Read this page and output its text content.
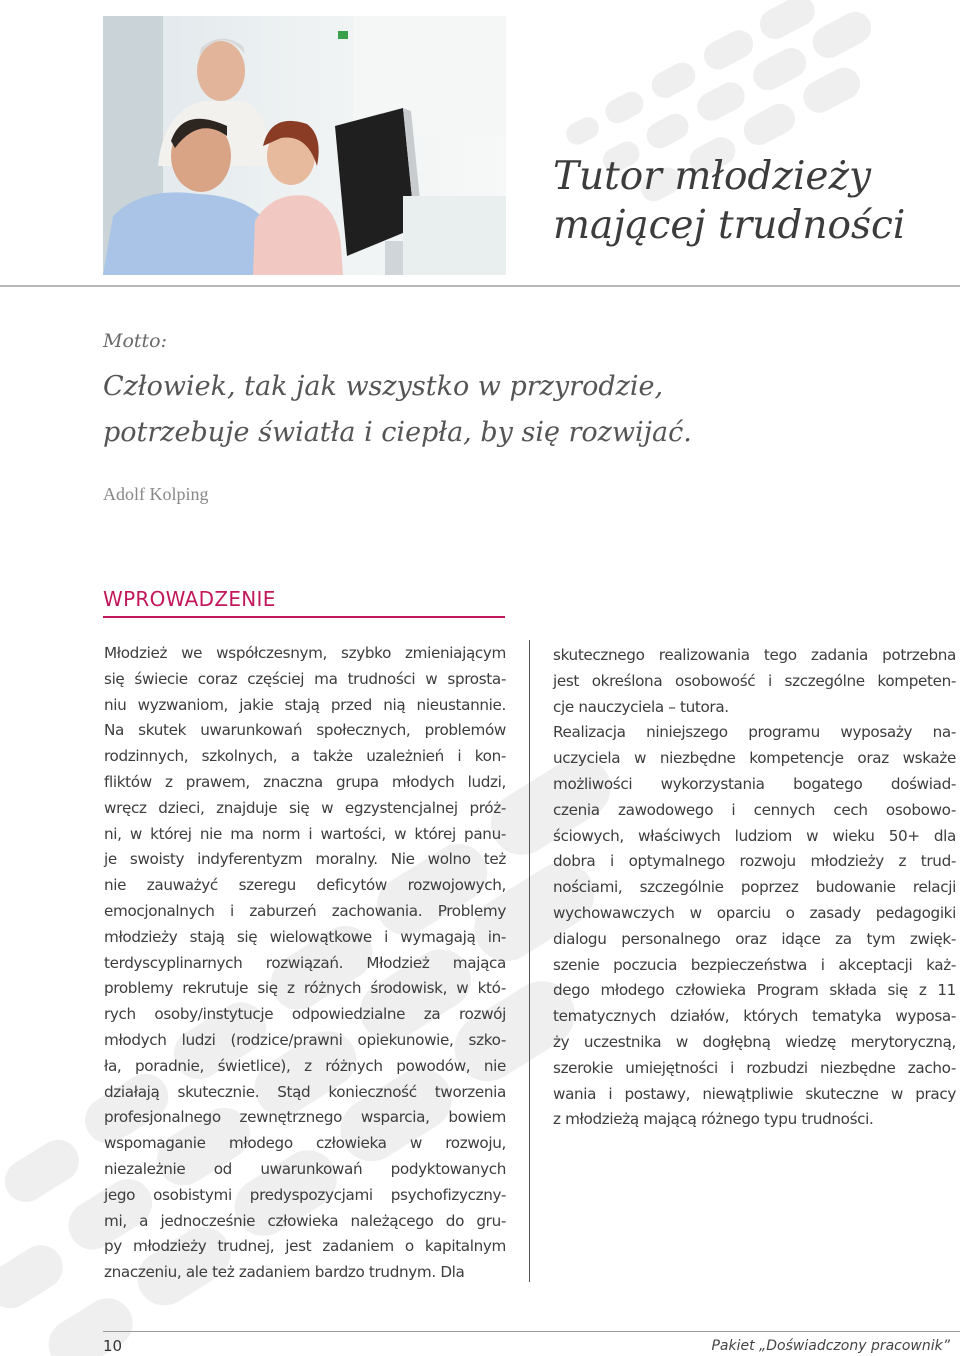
Tutor młodzieży
mającej trudności
Motto:
Człowiek, tak jak wszystko w przyrodzie,
potrzebuje światła i ciepła, by się rozwijać.
Adolf Kolping
WPROWADZENIE
Młodzież we współczesnym, szybko zmieniającym
się świecie coraz częściej ma trudności w sprosta-
niu wyzwaniom, jakie stają przed nią nieustannie.
Na skutek uwarunkowań społecznych, problemów
rodzinnych, szkolnych, a także uzależnień i kon-
fliktów z prawem, znaczna grupa młodych ludzi,
wręcz dzieci, znajduje się w egzystencjalnej próż-
ni, w której nie ma norm i wartości, w której panu-
je swoisty indyferentyzm moralny. Nie wolno też
nie zauważyć szeregu deficytów rozwojowych,
emocjonalnych i zaburzeń zachowania. Problemy
młodzieży stają się wielowątkowe i wymagają in-
terdyscyplinarnych rozwiązań. Młodzież mająca
problemy rekrutuje się z różnych środowisk, w któ-
rych osoby/instytucje odpowiedzialne za rozwój
młodych ludzi (rodzice/prawni opiekunowie, szko-
ła, poradnie, świetlice), z różnych powodów, nie
działają skutecznie. Stąd konieczność tworzenia
profesjonalnego zewnętrznego wsparcia, bowiem
wspomaganie młodego człowieka w rozwoju,
niezależnie od uwarunkowań podyktowanych
jego osobistymi predyspozycjami psychofizyczny-
mi, a jednocześnie człowieka należącego do gru-
py młodzieży trudnej, jest zadaniem o kapitalnym
znaczeniu, ale też zadaniem bardzo trudnym. Dla
skutecznego realizowania tego zadania potrzebna
jest określona osobowość i szczególne kompeten-
cje nauczyciela – tutora.
Realizacja niniejszego programu wyposaży na-
uczyciela w niezbędne kompetencje oraz wskaże
możliwości wykorzystania bogatego doświad-
czenia zawodowego i cennych cech osobowo-
ściowych, właściwych ludziom w wieku 50+ dla
dobra i optymalnego rozwoju młodzieży z trud-
nościami, szczególnie poprzez budowanie relacji
wychowawczych w oparciu o zasady pedagogiki
dialogu personalnego oraz idące za tym zwięk-
szenie poczucia bezpieczeństwa i akceptacji każ-
dego młodego człowieka Program składa się z 11
tematycznych działów, których tematyka wyposa-
ży uczestnika w dogłębną wiedzę merytoryczną,
szerokie umiejętności i rozbudzi niezbędne zacho-
wania i postawy, niewątpliwie skuteczne w pracy
z młodzieżą mającą różnego typu trudności.
10	Pakiet „Doświadczony pracownik”
